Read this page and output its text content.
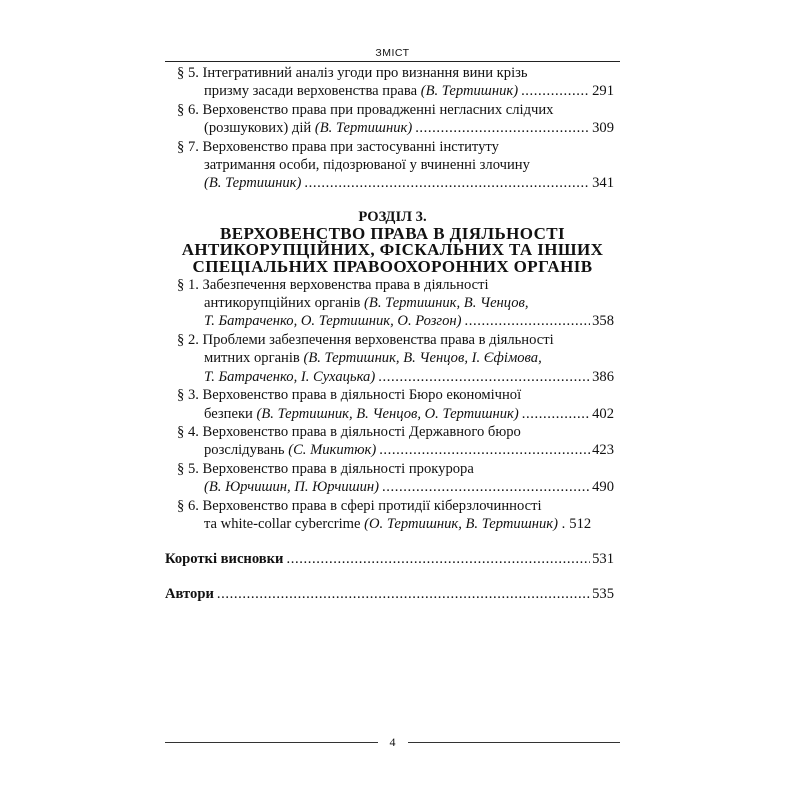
ЗМІСТ
§ 5. Інтегративний аналіз угоди про визнання вини крізь
призму засади верховенства права (В. Тертишник) .....	291
§ 6. Верховенство права при провадженні негласних слідчих
(розшукових) дій (В. Тертишник) .....	309
§ 7. Верховенство права при застосуванні інституту
затримання особи, підозрюваної у вчиненні злочину
(В. Тертишник) .....	341
РОЗДІЛ 3.
ВЕРХОВЕНСТВО ПРАВА В ДІЯЛЬНОСТІ
АНТИКОРУПЦІЙНИХ, ФІСКАЛЬНИХ ТА ІНШИХ
СПЕЦІАЛЬНИХ ПРАВООХОРОННИХ ОРГАНІВ
§ 1. Забезпечення верховенства права в діяльності
антикорупційних органів (В. Тертишник, В. Ченцов,
Т. Батраченко, О. Тертишник, О. Розгон) .....	358
§ 2. Проблеми забезпечення верховенства права в діяльності
митних органів (В. Тертишник, В. Ченцов, І. Єфімова,
Т. Батраченко, І. Сухацька) .....	386
§ 3. Верховенство права в діяльності Бюро економічної
безпеки (В. Тертишник, В. Ченцов, О. Тертишник) .....	402
§ 4. Верховенство права в діяльності Державного бюро
розслідувань (С. Микитюк) .....	423
§ 5. Верховенство права в діяльності прокурора
(В. Юрчишин, П. Юрчишин) .....	490
§ 6. Верховенство права в сфері протидії кіберзлочинності
та white-collar cybercrime (О. Тертишник, В. Тертишник) . 512
Короткі висновки .....	531
Автори .....	535
4
